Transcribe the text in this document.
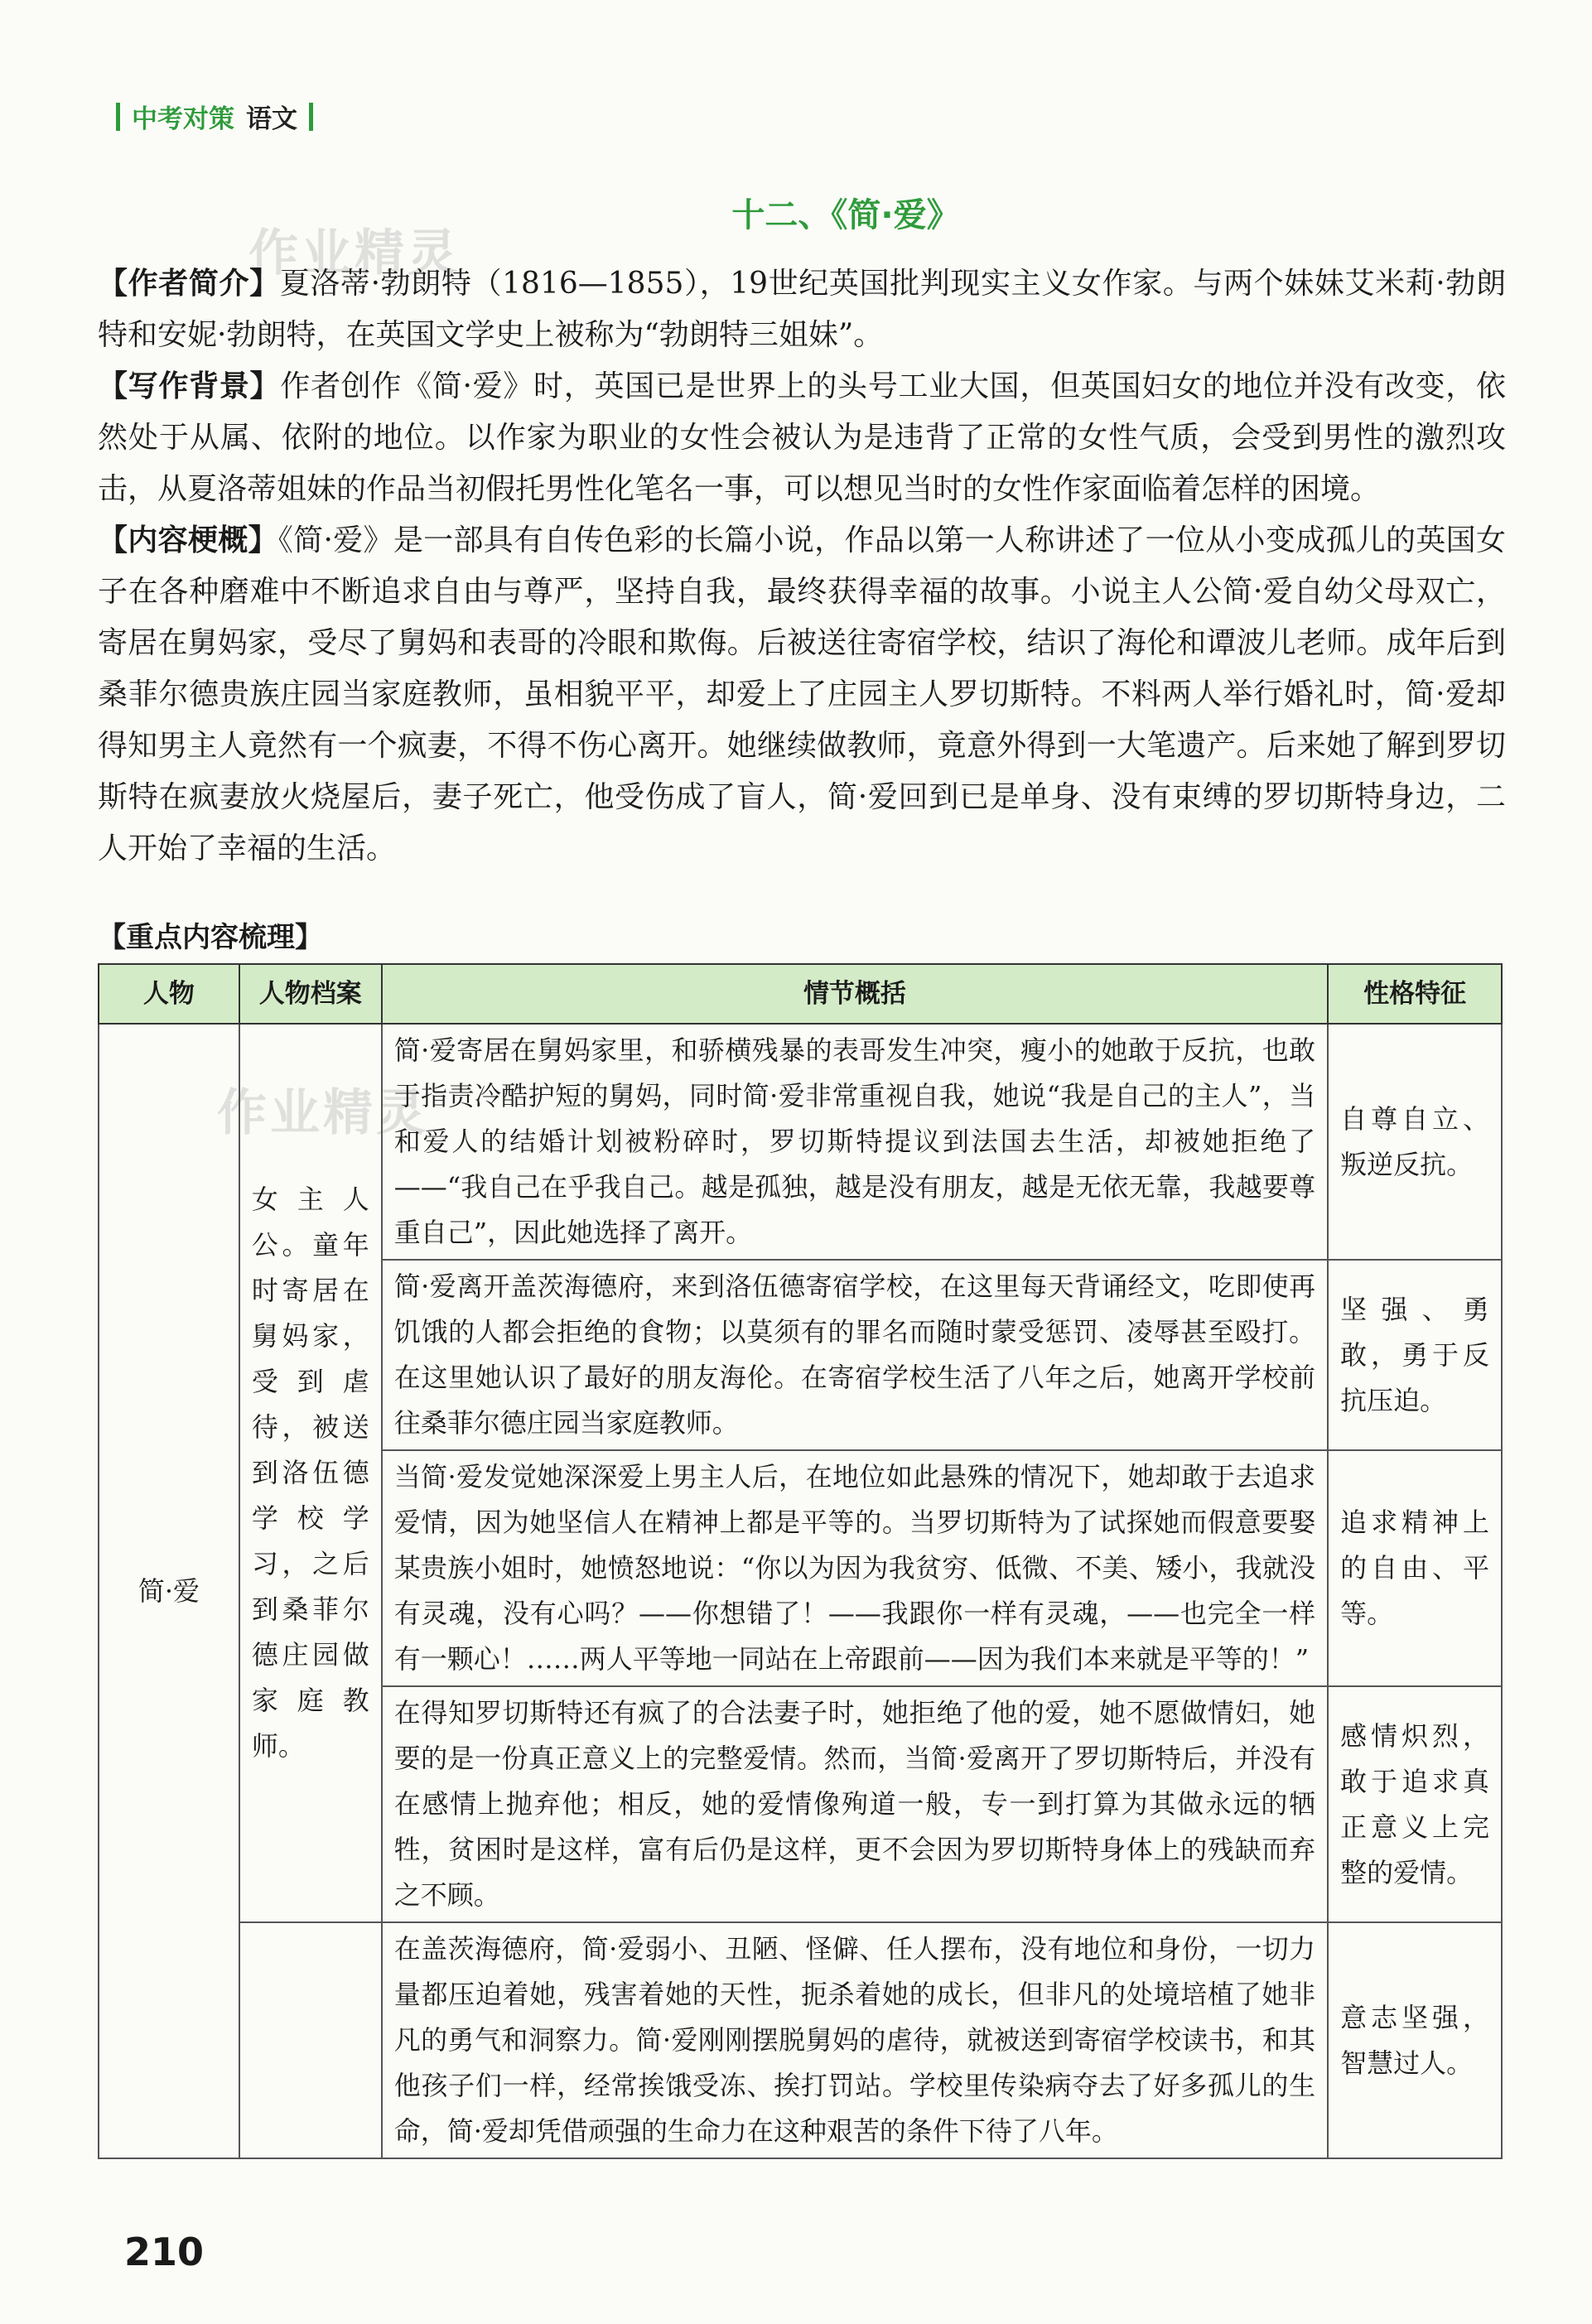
中考对策 语文
十二、《简·爱》
作业精灵
作业精灵

【作者简介】夏洛蒂·勃朗特（1816—1855），19世纪英国批判现实主义女作家。与两个妹妹艾米莉·勃朗特和安妮·勃朗特，在英国文学史上被称为“勃朗特三姐妹”。

【写作背景】作者创作《简·爱》时，英国已是世界上的头号工业大国，但英国妇女的地位并没有改变，依然处于从属、依附的地位。以作家为职业的女性会被认为是违背了正常的女性气质，会受到男性的激烈攻击，从夏洛蒂姐妹的作品当初假托男性化笔名一事，可以想见当时的女性作家面临着怎样的困境。

【内容梗概】《简·爱》是一部具有自传色彩的长篇小说，作品以第一人称讲述了一位从小变成孤儿的英国女子在各种磨难中不断追求自由与尊严，坚持自我，最终获得幸福的故事。小说主人公简·爱自幼父母双亡，寄居在舅妈家，受尽了舅妈和表哥的冷眼和欺侮。后被送往寄宿学校，结识了海伦和谭波儿老师。成年后到桑菲尔德贵族庄园当家庭教师，虽相貌平平，却爱上了庄园主人罗切斯特。不料两人举行婚礼时，简·爱却得知男主人竟然有一个疯妻，不得不伤心离开。她继续做教师，竟意外得到一大笔遗产。后来她了解到罗切斯特在疯妻放火烧屋后，妻子死亡，他受伤成了盲人，简·爱回到已是单身、没有束缚的罗切斯特身边，二人开始了幸福的生活。

【重点内容梳理】
人物	人物档案	情节概括	性格特征
简·爱	女主人公。童年时寄居在舅妈家，受到虐待，被送到洛伍德学校学习，之后到桑菲尔德庄园做家庭教师。	简·爱寄居在舅妈家里，和骄横残暴的表哥发生冲突，瘦小的她敢于反抗，也敢于指责冷酷护短的舅妈，同时简·爱非常重视自我，她说“我是自己的主人”，当和爱人的结婚计划被粉碎时，罗切斯特提议到法国去生活，却被她拒绝了——“我自己在乎我自己。越是孤独，越是没有朋友，越是无依无靠，我越要尊重自己”，因此她选择了离开。	自尊自立、叛逆反抗。
		简·爱离开盖茨海德府，来到洛伍德寄宿学校，在这里每天背诵经文，吃即使再饥饿的人都会拒绝的食物；以莫须有的罪名而随时蒙受惩罚、凌辱甚至殴打。在这里她认识了最好的朋友海伦。在寄宿学校生活了八年之后，她离开学校前往桑菲尔德庄园当家庭教师。	坚强、勇敢，勇于反抗压迫。
		当简·爱发觉她深深爱上男主人后，在地位如此悬殊的情况下，她却敢于去追求爱情，因为她坚信人在精神上都是平等的。当罗切斯特为了试探她而假意要娶某贵族小姐时，她愤怒地说：“你以为因为我贫穷、低微、不美、矮小，我就没有灵魂，没有心吗？——你想错了！——我跟你一样有灵魂，——也完全一样有一颗心！……两人平等地一同站在上帝跟前——因为我们本来就是平等的！”	追求精神上的自由、平等。
		在得知罗切斯特还有疯了的合法妻子时，她拒绝了他的爱，她不愿做情妇，她要的是一份真正意义上的完整爱情。然而，当简·爱离开了罗切斯特后，并没有在感情上抛弃他；相反，她的爱情像殉道一般，专一到打算为其做永远的牺牲，贫困时是这样，富有后仍是这样，更不会因为罗切斯特身体上的残缺而弃之不顾。	感情炽烈，敢于追求真正意义上完整的爱情。
		在盖茨海德府，简·爱弱小、丑陋、怪僻、任人摆布，没有地位和身份，一切力量都压迫着她，残害着她的天性，扼杀着她的成长，但非凡的处境培植了她非凡的勇气和洞察力。简·爱刚刚摆脱舅妈的虐待，就被送到寄宿学校读书，和其他孩子们一样，经常挨饿受冻、挨打罚站。学校里传染病夺去了好多孤儿的生命，简·爱却凭借顽强的生命力在这种艰苦的条件下待了八年。	意志坚强，智慧过人。
210
